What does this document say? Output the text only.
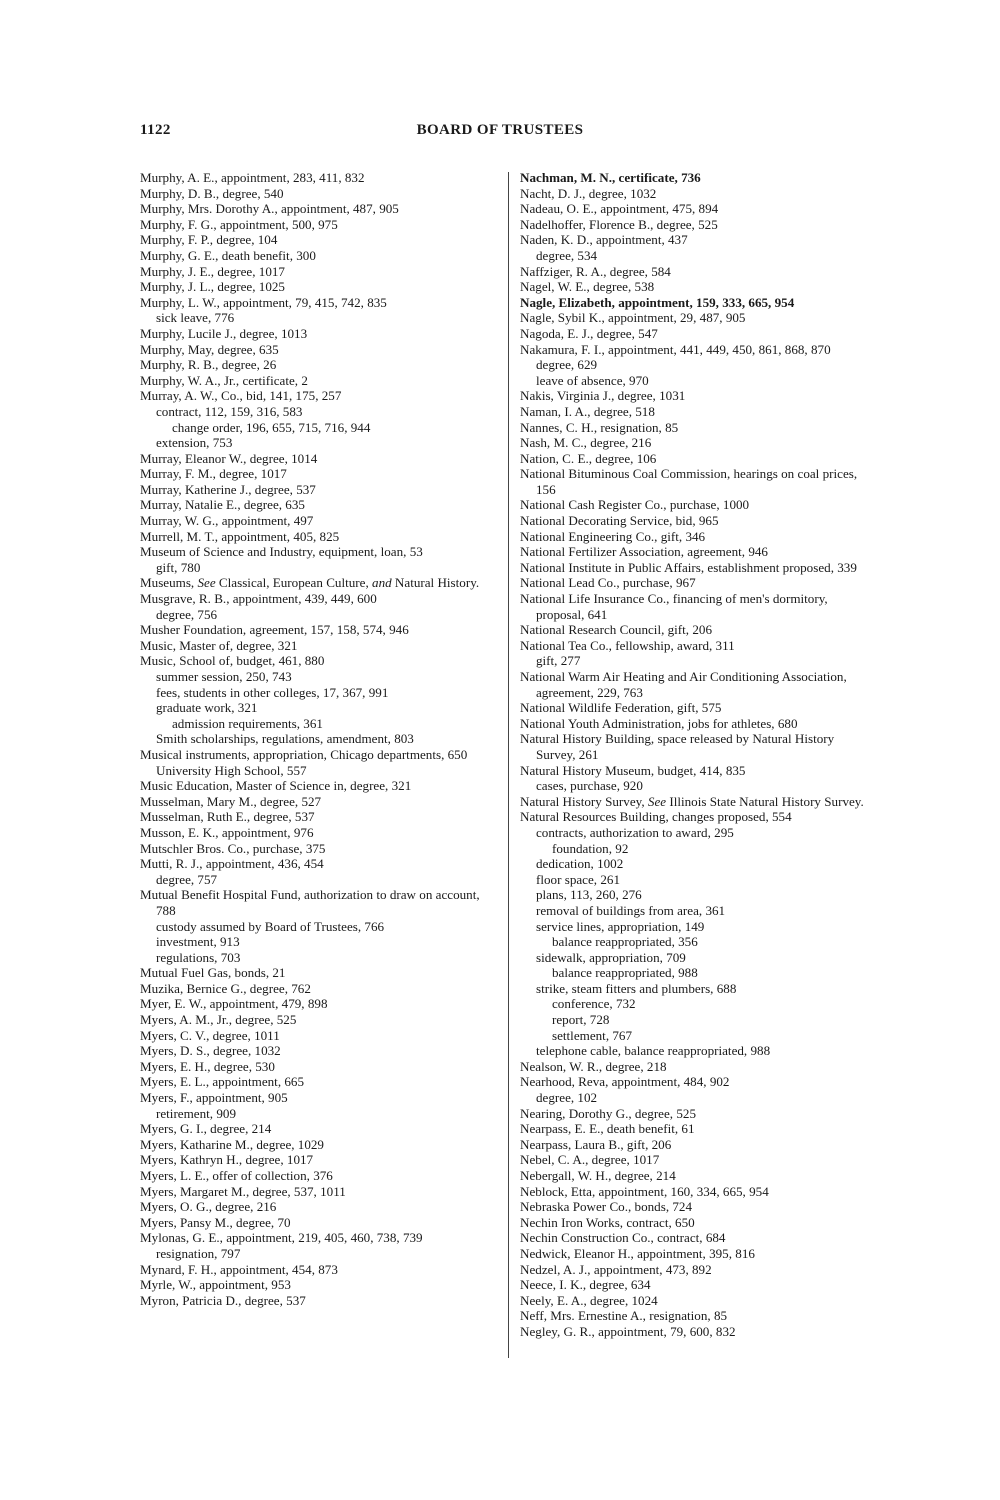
1122	BOARD OF TRUSTEES
Murphy, A. E., appointment, 283, 411, 832
Murphy, D. B., degree, 540
Murphy, Mrs. Dorothy A., appointment, 487, 905
Murphy, F. G., appointment, 500, 975
Murphy, F. P., degree, 104
Murphy, G. E., death benefit, 300
Murphy, J. E., degree, 1017
Murphy, J. L., degree, 1025
Murphy, L. W., appointment, 79, 415, 742, 835
sick leave, 776
Murphy, Lucile J., degree, 1013
Murphy, May, degree, 635
Murphy, R. B., degree, 26
Murphy, W. A., Jr., certificate, 2
Murray, A. W., Co., bid, 141, 175, 257
contract, 112, 159, 316, 583
change order, 196, 655, 715, 716, 944
extension, 753
Murray, Eleanor W., degree, 1014
Murray, F. M., degree, 1017
Murray, Katherine J., degree, 537
Murray, Natalie E., degree, 635
Murray, W. G., appointment, 497
Murrell, M. T., appointment, 405, 825
Museum of Science and Industry, equipment, loan, 53
gift, 780
Museums, See Classical, European Culture, and Natural History.
Musgrave, R. B., appointment, 439, 449, 600
degree, 756
Musher Foundation, agreement, 157, 158, 574, 946
Music, Master of, degree, 321
Music, School of, budget, 461, 880
summer session, 250, 743
fees, students in other colleges, 17, 367, 991
graduate work, 321
admission requirements, 361
Smith scholarships, regulations, amendment, 803
Musical instruments, appropriation, Chicago departments, 650
University High School, 557
Music Education, Master of Science in, degree, 321
Musselman, Mary M., degree, 527
Musselman, Ruth E., degree, 537
Musson, E. K., appointment, 976
Mutschler Bros. Co., purchase, 375
Mutti, R. J., appointment, 436, 454
degree, 757
Mutual Benefit Hospital Fund, authorization to draw on account, 788
custody assumed by Board of Trustees, 766
investment, 913
regulations, 703
Mutual Fuel Gas, bonds, 21
Muzika, Bernice G., degree, 762
Myer, E. W., appointment, 479, 898
Myers, A. M., Jr., degree, 525
Myers, C. V., degree, 1011
Myers, D. S., degree, 1032
Myers, E. H., degree, 530
Myers, E. L., appointment, 665
Myers, F., appointment, 905
retirement, 909
Myers, G. I., degree, 214
Myers, Katharine M., degree, 1029
Myers, Kathryn H., degree, 1017
Myers, L. E., offer of collection, 376
Myers, Margaret M., degree, 537, 1011
Myers, O. G., degree, 216
Myers, Pansy M., degree, 70
Mylonas, G. E., appointment, 219, 405, 460, 738, 739
resignation, 797
Mynard, F. H., appointment, 454, 873
Myrle, W., appointment, 953
Myron, Patricia D., degree, 537
Nachman, M. N., certificate, 736
Nacht, D. J., degree, 1032
Nadeau, O. E., appointment, 475, 894
Nadelhoffer, Florence B., degree, 525
Naden, K. D., appointment, 437
degree, 534
Naffziger, R. A., degree, 584
Nagel, W. E., degree, 538
Nagle, Elizabeth, appointment, 159, 333, 665, 954
Nagle, Sybil K., appointment, 29, 487, 905
Nagoda, E. J., degree, 547
Nakamura, F. I., appointment, 441, 449, 450, 861, 868, 870
degree, 629
leave of absence, 970
Nakis, Virginia J., degree, 1031
Naman, I. A., degree, 518
Nannes, C. H., resignation, 85
Nash, M. C., degree, 216
Nation, C. E., degree, 106
National Bituminous Coal Commission, hearings on coal prices, 156
National Cash Register Co., purchase, 1000
National Decorating Service, bid, 965
National Engineering Co., gift, 346
National Fertilizer Association, agreement, 946
National Institute in Public Affairs, establishment proposed, 339
National Lead Co., purchase, 967
National Life Insurance Co., financing of men's dormitory, proposal, 641
National Research Council, gift, 206
National Tea Co., fellowship, award, 311
gift, 277
National Warm Air Heating and Air Conditioning Association, agreement, 229, 763
National Wildlife Federation, gift, 575
National Youth Administration, jobs for athletes, 680
Natural History Building, space released by Natural History Survey, 261
Natural History Museum, budget, 414, 835
cases, purchase, 920
Natural History Survey, See Illinois State Natural History Survey.
Natural Resources Building, changes proposed, 554
contracts, authorization to award, 295
foundation, 92
dedication, 1002
floor space, 261
plans, 113, 260, 276
removal of buildings from area, 361
service lines, appropriation, 149
balance reappropriated, 356
sidewalk, appropriation, 709
balance reappropriated, 988
strike, steam fitters and plumbers, 688
conference, 732
report, 728
settlement, 767
telephone cable, balance reappropriated, 988
Nealson, W. R., degree, 218
Nearhood, Reva, appointment, 484, 902
degree, 102
Nearing, Dorothy G., degree, 525
Nearpass, E. E., death benefit, 61
Nearpass, Laura B., gift, 206
Nebel, C. A., degree, 1017
Nebergall, W. H., degree, 214
Neblock, Etta, appointment, 160, 334, 665, 954
Nebraska Power Co., bonds, 724
Nechin Iron Works, contract, 650
Nechin Construction Co., contract, 684
Nedwick, Eleanor H., appointment, 395, 816
Nedzel, A. J., appointment, 473, 892
Neece, I. K., degree, 634
Neely, E. A., degree, 1024
Neff, Mrs. Ernestine A., resignation, 85
Negley, G. R., appointment, 79, 600, 832
